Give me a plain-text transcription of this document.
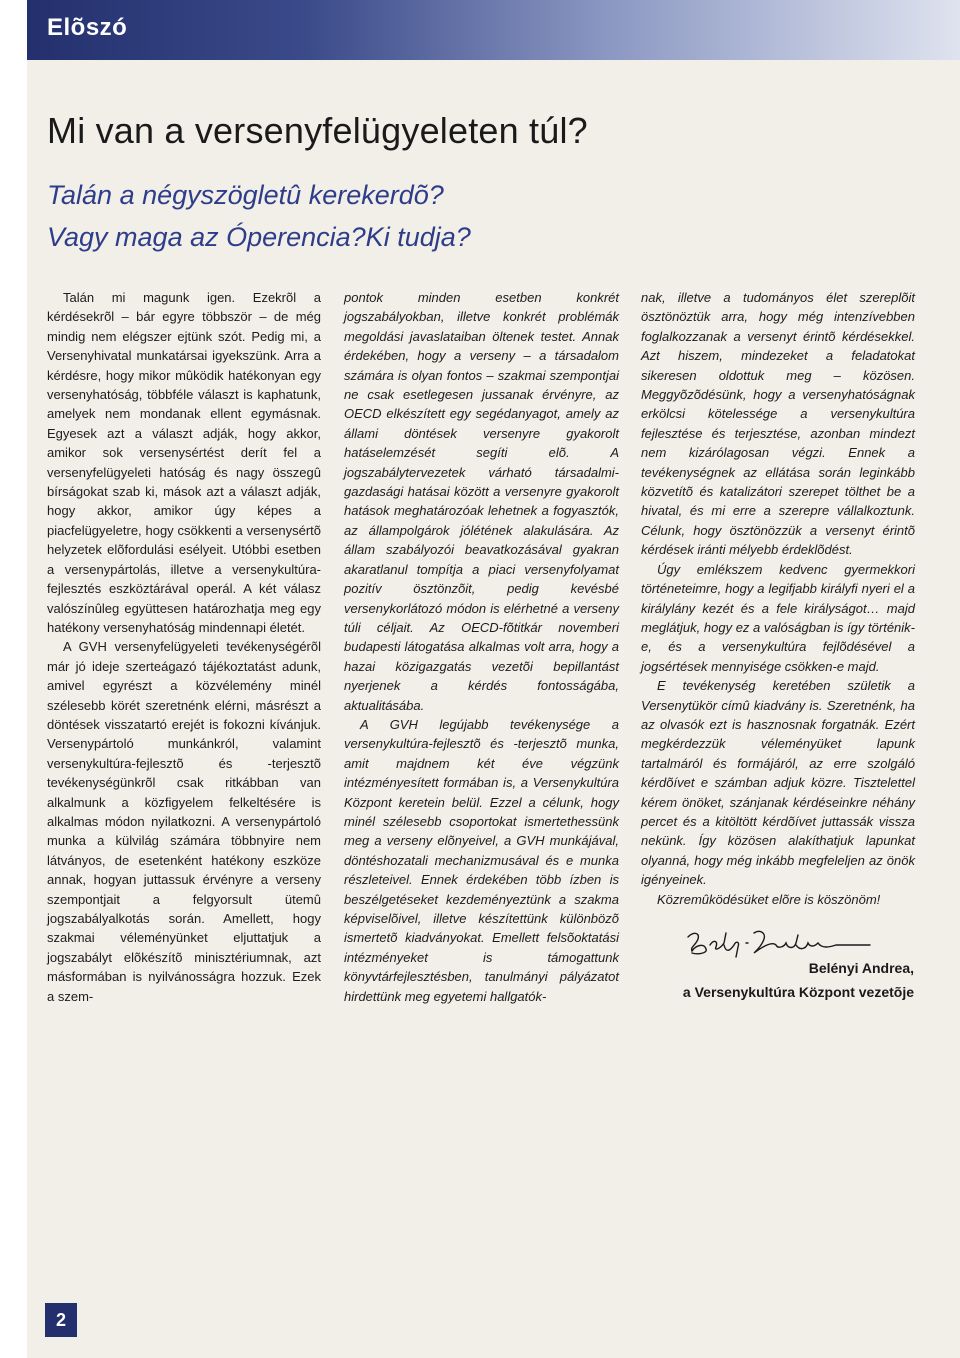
Elõszó
Mi van a versenyfelügyeleten túl?
Talán a négyszögletû kerekerdõ?
Vagy maga az Óperencia?Ki tudja?

Talán mi magunk igen. Ezekrõl a kérdésekrõl – bár egyre többször – de még mindig nem elégszer ejtünk szót. Pedig mi, a Versenyhivatal munkatársai igyekszünk. Arra a kérdésre, hogy mikor mûködik hatékonyan egy versenyhatóság, többféle választ is kaphatunk, amelyek nem mondanak ellent egymásnak. Egyesek azt a választ adják, hogy akkor, amikor sok versenysértést derít fel a versenyfelügyeleti hatóság és nagy összegû bírságokat szab ki, mások azt a választ adják, hogy akkor, amikor úgy képes a piacfelügyeletre, hogy csökkenti a versenysértõ helyzetek elõfordulási esélyeit. Utóbbi esetben a versenypártolás, illetve a versenykultúra-fejlesztés eszköztárával operál. A két válasz valószínûleg együttesen határozhatja meg egy hatékony versenyhatóság mindennapi életét.

A GVH versenyfelügyeleti tevékenységérõl már jó ideje szerteágazó tájékoztatást adunk, amivel egyrészt a közvélemény minél szélesebb körét szeretnénk elérni, másrészt a döntések visszatartó erejét is fokozni kívánjuk. Versenypártoló munkánkról, valamint versenykultúra-fejlesztõ és -terjesztõ tevékenységünkrõl csak ritkábban van alkalmunk a közfigyelem felkeltésére is alkalmas módon nyilatkozni. A versenypártoló munka a külvilág számára többnyire nem látványos, de esetenként hatékony eszköze annak, hogyan juttassuk érvényre a verseny szempontjait a felgyorsult ütemû jogszabályalkotás során. Amellett, hogy szakmai véleményünket eljuttatjuk a jogszabályt elõkészítõ minisztériumnak, azt másformában is nyilvánosságra hozzuk. Ezek a szem-

pontok minden esetben konkrét jogszabályokban, illetve konkrét problémák megoldási javaslataiban öltenek testet. Annak érdekében, hogy a verseny – a társadalom számára is olyan fontos – szakmai szempontjai ne csak esetlegesen jussanak érvényre, az OECD elkészített egy segédanyagot, amely az állami döntések versenyre gyakorolt hatáselemzését segíti elõ. A jogszabálytervezetek várható társadalmi-gazdasági hatásai között a versenyre gyakorolt hatások meghatározóak lehetnek a fogyasztók, az állampolgárok jólétének alakulására. Az állam szabályozói beavatkozásával gyakran akaratlanul tompítja a piaci versenyfolyamat pozitív ösztönzõit, pedig kevésbé versenykorlátozó módon is elérhetné a verseny túli céljait. Az OECD-fõtitkár novemberi budapesti látogatása alkalmas volt arra, hogy a hazai közigazgatás vezetõi bepillantást nyerjenek a kérdés fontosságába, aktualitásába.

A GVH legújabb tevékenysége a versenykultúra-fejlesztõ és -terjesztõ munka, amit majdnem két éve végzünk intézményesített formában is, a Versenykultúra Központ keretein belül. Ezzel a célunk, hogy minél szélesebb csoportokat ismertethessünk meg a verseny elõnyeivel, a GVH munkájával, döntéshozatali mechanizmusával és e munka részleteivel. Ennek érdekében több ízben is beszélgetéseket kezdeményeztünk a szakma képviselõivel, illetve készítettünk különbözõ ismertetõ kiadványokat. Emellett felsõoktatási intézményeket is támogattunk könyvtárfejlesztésben, tanulmányi pályázatot hirdettünk meg egyetemi hallgatók-

nak, illetve a tudományos élet szereplõit ösztönöztük arra, hogy még intenzívebben foglalkozzanak a versenyt érintõ kérdésekkel. Azt hiszem, mindezeket a feladatokat sikeresen oldottuk meg – közösen. Meggyõzõdésünk, hogy a versenyhatóságnak erkölcsi kötelessége a versenykultúra fejlesztése és terjesztése, azonban mindezt nem kizárólagosan végzi. Ennek a tevékenységnek az ellátása során leginkább közvetítõ és katalizátori szerepet tölthet be a hivatal, és mi erre a szerepre vállalkoztunk. Célunk, hogy ösztönözzük a versenyt érintõ kérdések iránti mélyebb érdeklõdést.

Úgy emlékszem kedvenc gyermekkori történeteimre, hogy a legifjabb királyfi nyeri el a királylány kezét és a fele királyságot… majd meglátjuk, hogy ez a valóságban is így történik-e, és a versenykultúra fejlõdésével a jogsértések mennyisége csökken-e majd.

E tevékenység keretében születik a Versenytükör címû kiadvány is. Szeretnénk, ha az olvasók ezt is hasznosnak forgatnák. Ezért megkérdezzük véleményüket lapunk tartalmáról és formájáról, az erre szolgáló kérdõívet e számban adjuk közre. Tisztelettel kérem önöket, szánjanak kérdéseinkre néhány percet és a kitöltött kérdõívet juttassák vissza nekünk. Így közösen alakíthatjuk lapunkat olyanná, hogy még inkább megfeleljen az önök igényeinek.

Közremûködésüket elõre is köszönöm!

Belényi Andrea,
a Versenykultúra Központ vezetõje
2
